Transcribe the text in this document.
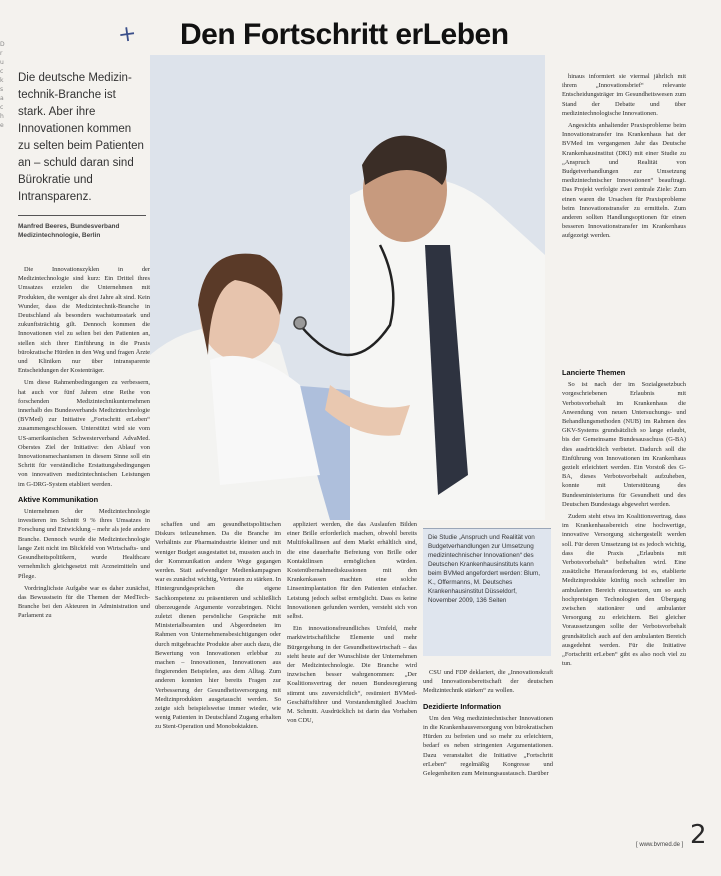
Drucksache
+ Den Fortschritt erLeben
Die deutsche Medizin-technik-Branche ist stark. Aber ihre Innovationen kommen zu selten beim Patienten an – schuld daran sind Bürokratie und Intransparenz.
Manfred Beeres, Bundesverband Medizintechnologie, Berlin

Die Innovationszyklen in der Medizintechnologie sind kurz: Ein Drittel ihres Umsatzes erzielen die Unternehmen mit Produkten, die weniger als drei Jahre alt sind. Kein Wunder, dass die Medizintechnik-Branche in Deutschland als besonders wachstumsstark und zukunftsträchtig gilt. Dennoch kommen die Innovationen viel zu selten bei den Patienten an, stellen sich ihrer Einführung in die Praxis bürokratische Hürden in den Weg und fragen Ärzte und Kliniken nur über intransparente Entscheidungen der Kostenträger.

Um diese Rahmenbedingungen zu verbessern, hat auch vor fünf Jahren eine Reihe von forschenden Medizintechnikunternehmen innerhalb des Bundesverbands Medizintechnologie (BVMed) zur Initiative „Fortschritt erLeben“ zusammengeschlossen. Unterstützt wird sie vom US-amerikanischen Schwesterverband AdvaMed. Oberstes Ziel der Initiative: den Ablauf von Innovationsmechanismen in diesem Sinne soll ein Schritt für verständliche Erstattungsbedingungen von innovativen medizintechnischen Leistungen im G-DRG-System etabliert werden.

Aktive Kommunikation

Unternehmen der Medizintechnologie investieren im Schnitt 9 % ihres Umsatzes in Forschung und Entwicklung – mehr als jede andere Branche. Dennoch wurde die Medizintechnologie lange Zeit nicht im Blickfeld von Wirtschafts- und Gesundheitspolitikern, wurde Healthcare vernehmlich gleichgesetzt mit Arzneimitteln und Pflege.

Vordringlichste Aufgabe war es daher zunächst, das Bewusstsein für die Themen der MedTech-Branche bei den Akteuren in Administration und Parlament zu

schaffen und am gesundheitspolitischen Diskurs teilzunehmen. Da die Branche im Verhältnis zur Pharmaindustrie kleiner und mit weniger Budget ausgestattet ist, mussten auch in der Kommunikation andere Wege gegangen werden. Statt aufwendiger Medienkampagnen war es zunächst wichtig, Vertrauen zu stärken. In Hintergrundgesprächen die eigene Sachkompetenz zu präsentieren und schließlich überzeugende Argumente vorzubringen. Nicht zuletzt dienen persönliche Gespräche mit Ministerialbeamten und Abgeordneten im Rahmen von Unternehmensbesichtigungen oder durch mitgebrachte Produkte aber auch dazu, die Bewertung von Innovationen erlebbar zu machen – Innovationen, Innovationen aus fingierenden Beispielen, aus dem Alltag. Zum anderen konnten hier bereits Fragen zur Verbesserung der Gesundheitsversorgung mit Medizinprodukten ausgetauscht werden. So zeigte sich beispielsweise immer wieder, wie wenig Patienten in Deutschland Zugang erhalten zu Stent-Operation und Monoboktakten.

appliziert werden, die das Auslaufen Bilden einer Brille erforderlich machen, obwohl bereits Multifokallinsen auf dem Markt erhältlich sind, die eine dauerhafte Befreiung von Brille oder Kontaktlinsen ermöglichen würden. Kostenübernahmediskussionen mit den Krankenkassen machten eine solche Linsenimplantation für den Patienten einfacher. Leistung jedoch selbst ermöglicht. Dass es keine Innovationen gefunden werden, versteht sich von selbst.

Ein innovationsfreundliches Umfeld, mehr marktwirtschaftliche Elemente und mehr Bürgergehung in der Gesundheitswirtschaft – das steht heute auf der Wunschliste der Unternehmen der Medizintechnologie. Die Branche wird inzwischen besser wahrgenommen: „Der Koalitionsvertrag der neuen Bundesregierung stimmt uns zuversichtlich“, resümiert BVMed-Geschäftsführer und Vorstandsmitglied Joachim M. Schmitt. Ausdrücklich ist darin das Vorhaben von CDU,

Die Studie „Anspruch und Realität von Budgetverhandlungen zur Umsetzung medizintechnischer Innovationen“ des Deutschen Krankenhausinstituts kann beim BVMed angefordert werden: Blum, K., Offermanns, M. Deutsches Krankenhausinstitut Düsseldorf, November 2009, 136 Seiten

CSU und FDP deklariert, die „Innovationskraft und Innovationsbereitschaft der deutschen Medizintechnik stärken“ zu wollen.

Dezidierte Information

Um den Weg medizintechnischer Innovationen in die Krankenhausversorgung von bürokratischen Hürden zu befreien und so mehr zu erleichtern, bedarf es neben stringenten Argumentationen. Dazu veranstaltet die Initiative „Fortschritt erLeben“ regelmäßig Kongresse und Gelegenheiten zum Meinungsaustausch. Darüber

hinaus informiert sie viermal jährlich mit ihrem „Innovationsbrief“ relevante Entscheidungsträger im Gesundheitswesen zum Stand der Debatte und über medizintechnologische Innovationen.

Angesichts anhaltender Praxisprobleme beim Innovationstransfer ins Krankenhaus hat der BVMed im vergangenen Jahr das Deutsche Krankenhausinstitut (DKI) mit einer Studie zu „Anspruch und Realität von Budgetverhandlungen zur Umsetzung medizintechnischer Innovationen“ beauftragt. Das Projekt verfolgte zwei zentrale Ziele: Zum einen waren die Ursachen für Praxisprobleme beim Innovationstransfer zu ermitteln. Zum anderen sollten Handlungsoptionen für einen besseren Innovationstransfer im Krankenhaus aufgezeigt werden.

Lancierte Themen

So ist nach der im Sozialgesetzbuch vorgeschriebenen Erlaubnis mit Verbotsvorbehalt im Krankenhaus die Anwendung von neuen Untersuchungs- und Behandlungsmethoden (NUB) im Rahmen des GKV-Systems grundsätzlich so lange erlaubt, bis der Gemeinsame Bundesausschuss (G-BA) dies ausdrücklich verbietet. Dadurch soll die Einführung von Innovationen im Krankenhaus gezielt erleichtert werden. Ein Vorstoß des G-BA, dieses Verbotsvorbehalt aufzuheben, konnte mit Unterstützung des Bundesministeriums für Gesundheit und des Deutschen Bundestags abgewehrt werden.

Zudem steht etwa im Koalitionsvertrag, dass im Krankenhausbereich eine hochwertige, innovative Versorgung sichergestellt werden soll. Für deren Umsetzung ist es jedoch wichtig, dass die Praxis „Erlaubnis mit Verbotsvorbehalt“ beibehalten wird. Eine zusätzliche Herausforderung ist es, etablierte Medizinprodukte künftig noch schneller im ambulanten Bereich einzusetzen, um so auch hochpreisigen Technologien den Übergang zwischen stationärer und ambulanter Versorgung zu erleichtern. Bei gleicher Voraussetzungen sollte der Verbotsvorbehalt grundsätzlich auch auf den ambulanten Bereich ausgedehnt werden. Für die Initiative „Fortschritt erLeben“ gibt es also noch viel zu tun.

[ www.bvmed.de ] 2
